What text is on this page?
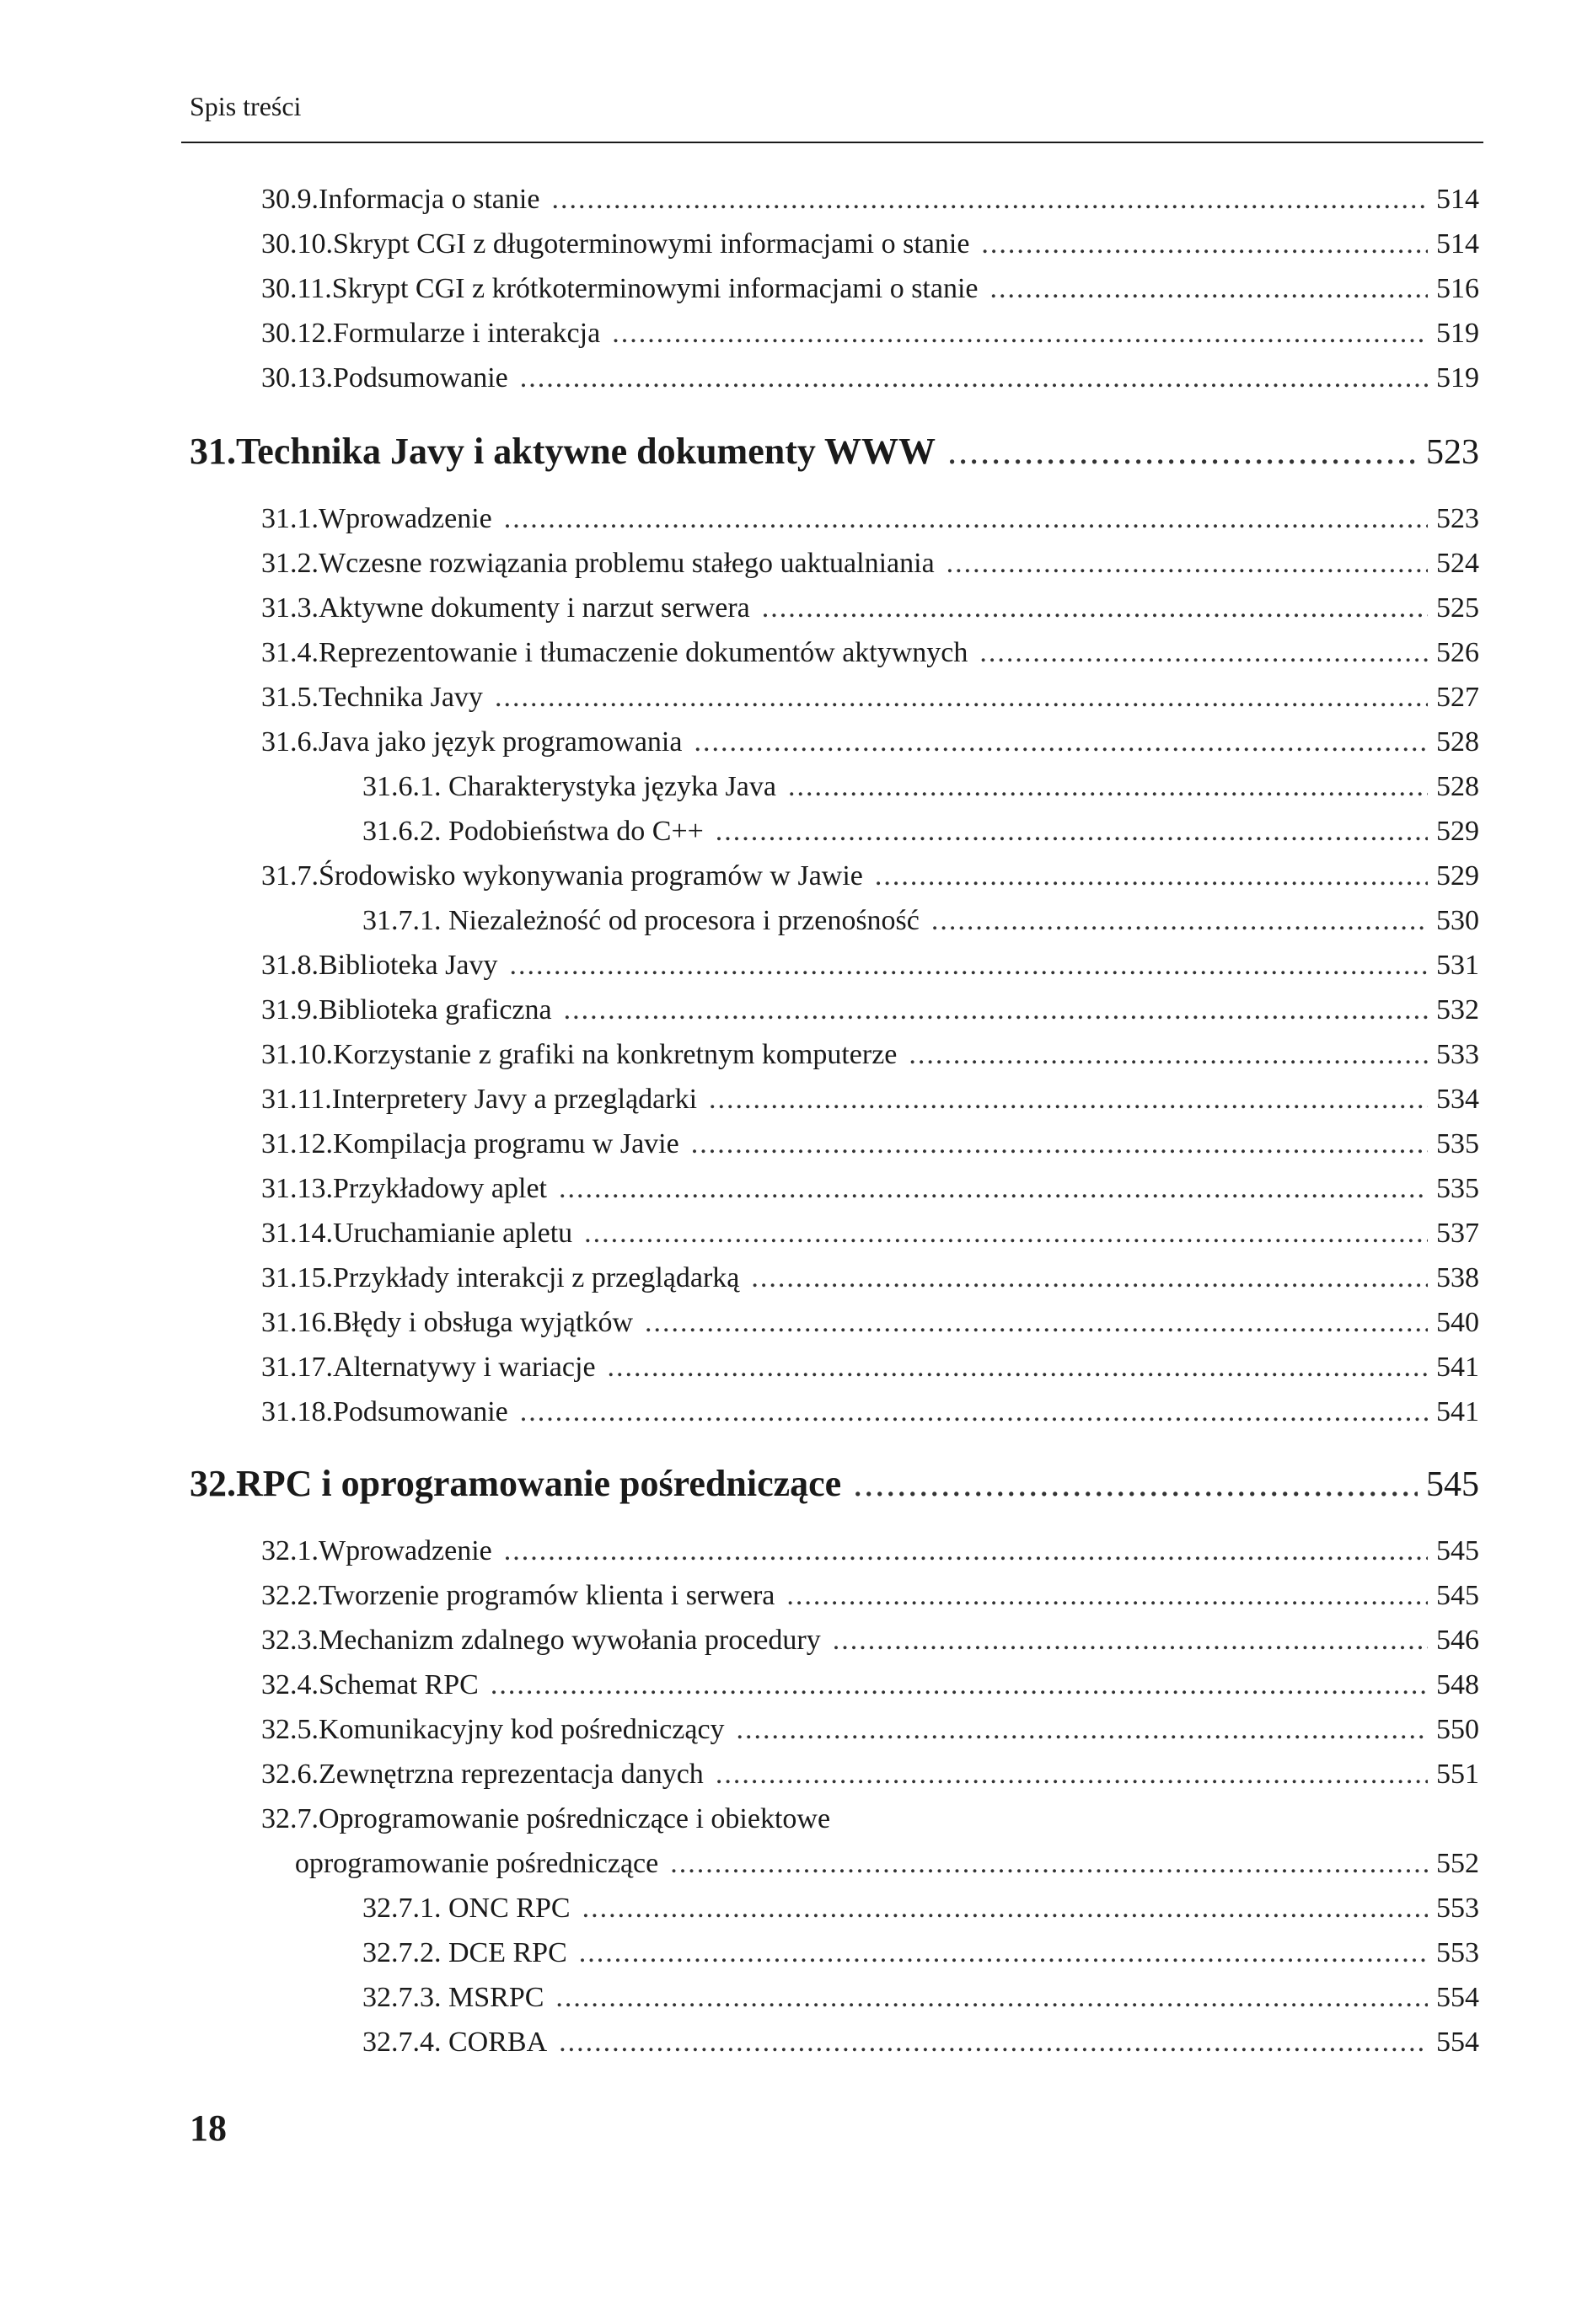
Spis treści
30.9. Informacja o stanie .....	514
30.10. Skrypt CGI z długoterminowymi informacjami o stanie .....	514
30.11. Skrypt CGI z krótkoterminowymi informacjami o stanie .....	516
30.12. Formularze i interakcja .....	519
30.13. Podsumowanie .....	519
31. Technika Javy i aktywne dokumenty WWW .....	523
31.1. Wprowadzenie .....	523
31.2. Wczesne rozwiązania problemu stałego uaktualniania .....	524
31.3. Aktywne dokumenty i narzut serwera .....	525
31.4. Reprezentowanie i tłumaczenie dokumentów aktywnych .....	526
31.5. Technika Javy .....	527
31.6. Java jako język programowania .....	528
31.6.1. Charakterystyka języka Java .....	528
31.6.2. Podobieństwa do C++ .....	529
31.7. Środowisko wykonywania programów w Jawie .....	529
31.7.1. Niezależność od procesora i przenośność .....	530
31.8. Biblioteka Javy .....	531
31.9. Biblioteka graficzna .....	532
31.10. Korzystanie z grafiki na konkretnym komputerze .....	533
31.11. Interpretery Javy a przeglądarki .....	534
31.12. Kompilacja programu w Javie .....	535
31.13. Przykładowy aplet .....	535
31.14. Uruchamianie apletu .....	537
31.15. Przykłady interakcji z przeglądarką .....	538
31.16. Błędy i obsługa wyjątków .....	540
31.17. Alternatywy i wariacje .....	541
31.18. Podsumowanie .....	541
32. RPC i oprogramowanie pośredniczące .....	545
32.1. Wprowadzenie .....	545
32.2. Tworzenie programów klienta i serwera .....	545
32.3. Mechanizm zdalnego wywołania procedury .....	546
32.4. Schemat RPC .....	548
32.5. Komunikacyjny kod pośredniczący .....	550
32.6. Zewnętrzna reprezentacja danych .....	551
32.7. Oprogramowanie pośredniczące i obiektowe
oprogramowanie pośredniczące .....	552
32.7.1. ONC RPC .....	553
32.7.2. DCE RPC .....	553
32.7.3. MSRPC .....	554
32.7.4. CORBA .....	554
18
